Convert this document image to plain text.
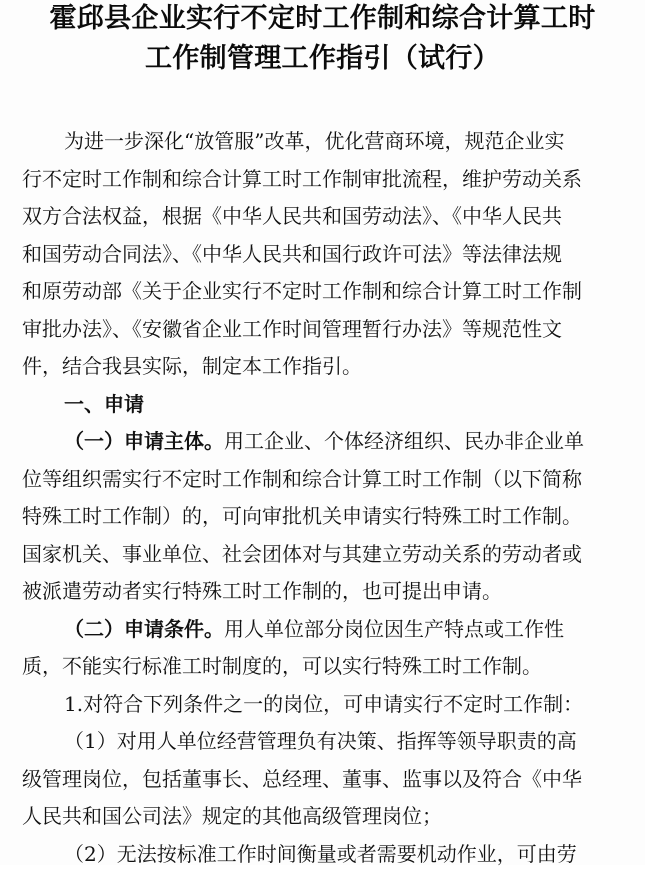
霍邱县企业实行不定时工作制和综合计算工时
工作制管理工作指引（试行）
为进一步深化“放管服”改革，优化营商环境，规范企业实
行不定时工作制和综合计算工时工作制审批流程，维护劳动关系
双方合法权益，根据《中华人民共和国劳动法》、《中华人民共
和国劳动合同法》、《中华人民共和国行政许可法》等法律法规
和原劳动部《关于企业实行不定时工作制和综合计算工时工作制
审批办法》、《安徽省企业工作时间管理暂行办法》等规范性文
件，结合我县实际，制定本工作指引。
一、申请
（一）申请主体。用工企业、个体经济组织、民办非企业单
位等组织需实行不定时工作制和综合计算工时工作制（以下简称
特殊工时工作制）的，可向审批机关申请实行特殊工时工作制。
国家机关、事业单位、社会团体对与其建立劳动关系的劳动者或
被派遣劳动者实行特殊工时工作制的，也可提出申请。
（二）申请条件。用人单位部分岗位因生产特点或工作性
质，不能实行标准工时制度的，可以实行特殊工时工作制。
1.对符合下列条件之一的岗位，可申请实行不定时工作制：
（1）对用人单位经营管理负有决策、指挥等领导职责的高
级管理岗位，包括董事长、总经理、董事、监事以及符合《中华
人民共和国公司法》规定的其他高级管理岗位；
（2）无法按标准工作时间衡量或者需要机动作业，可由劳
